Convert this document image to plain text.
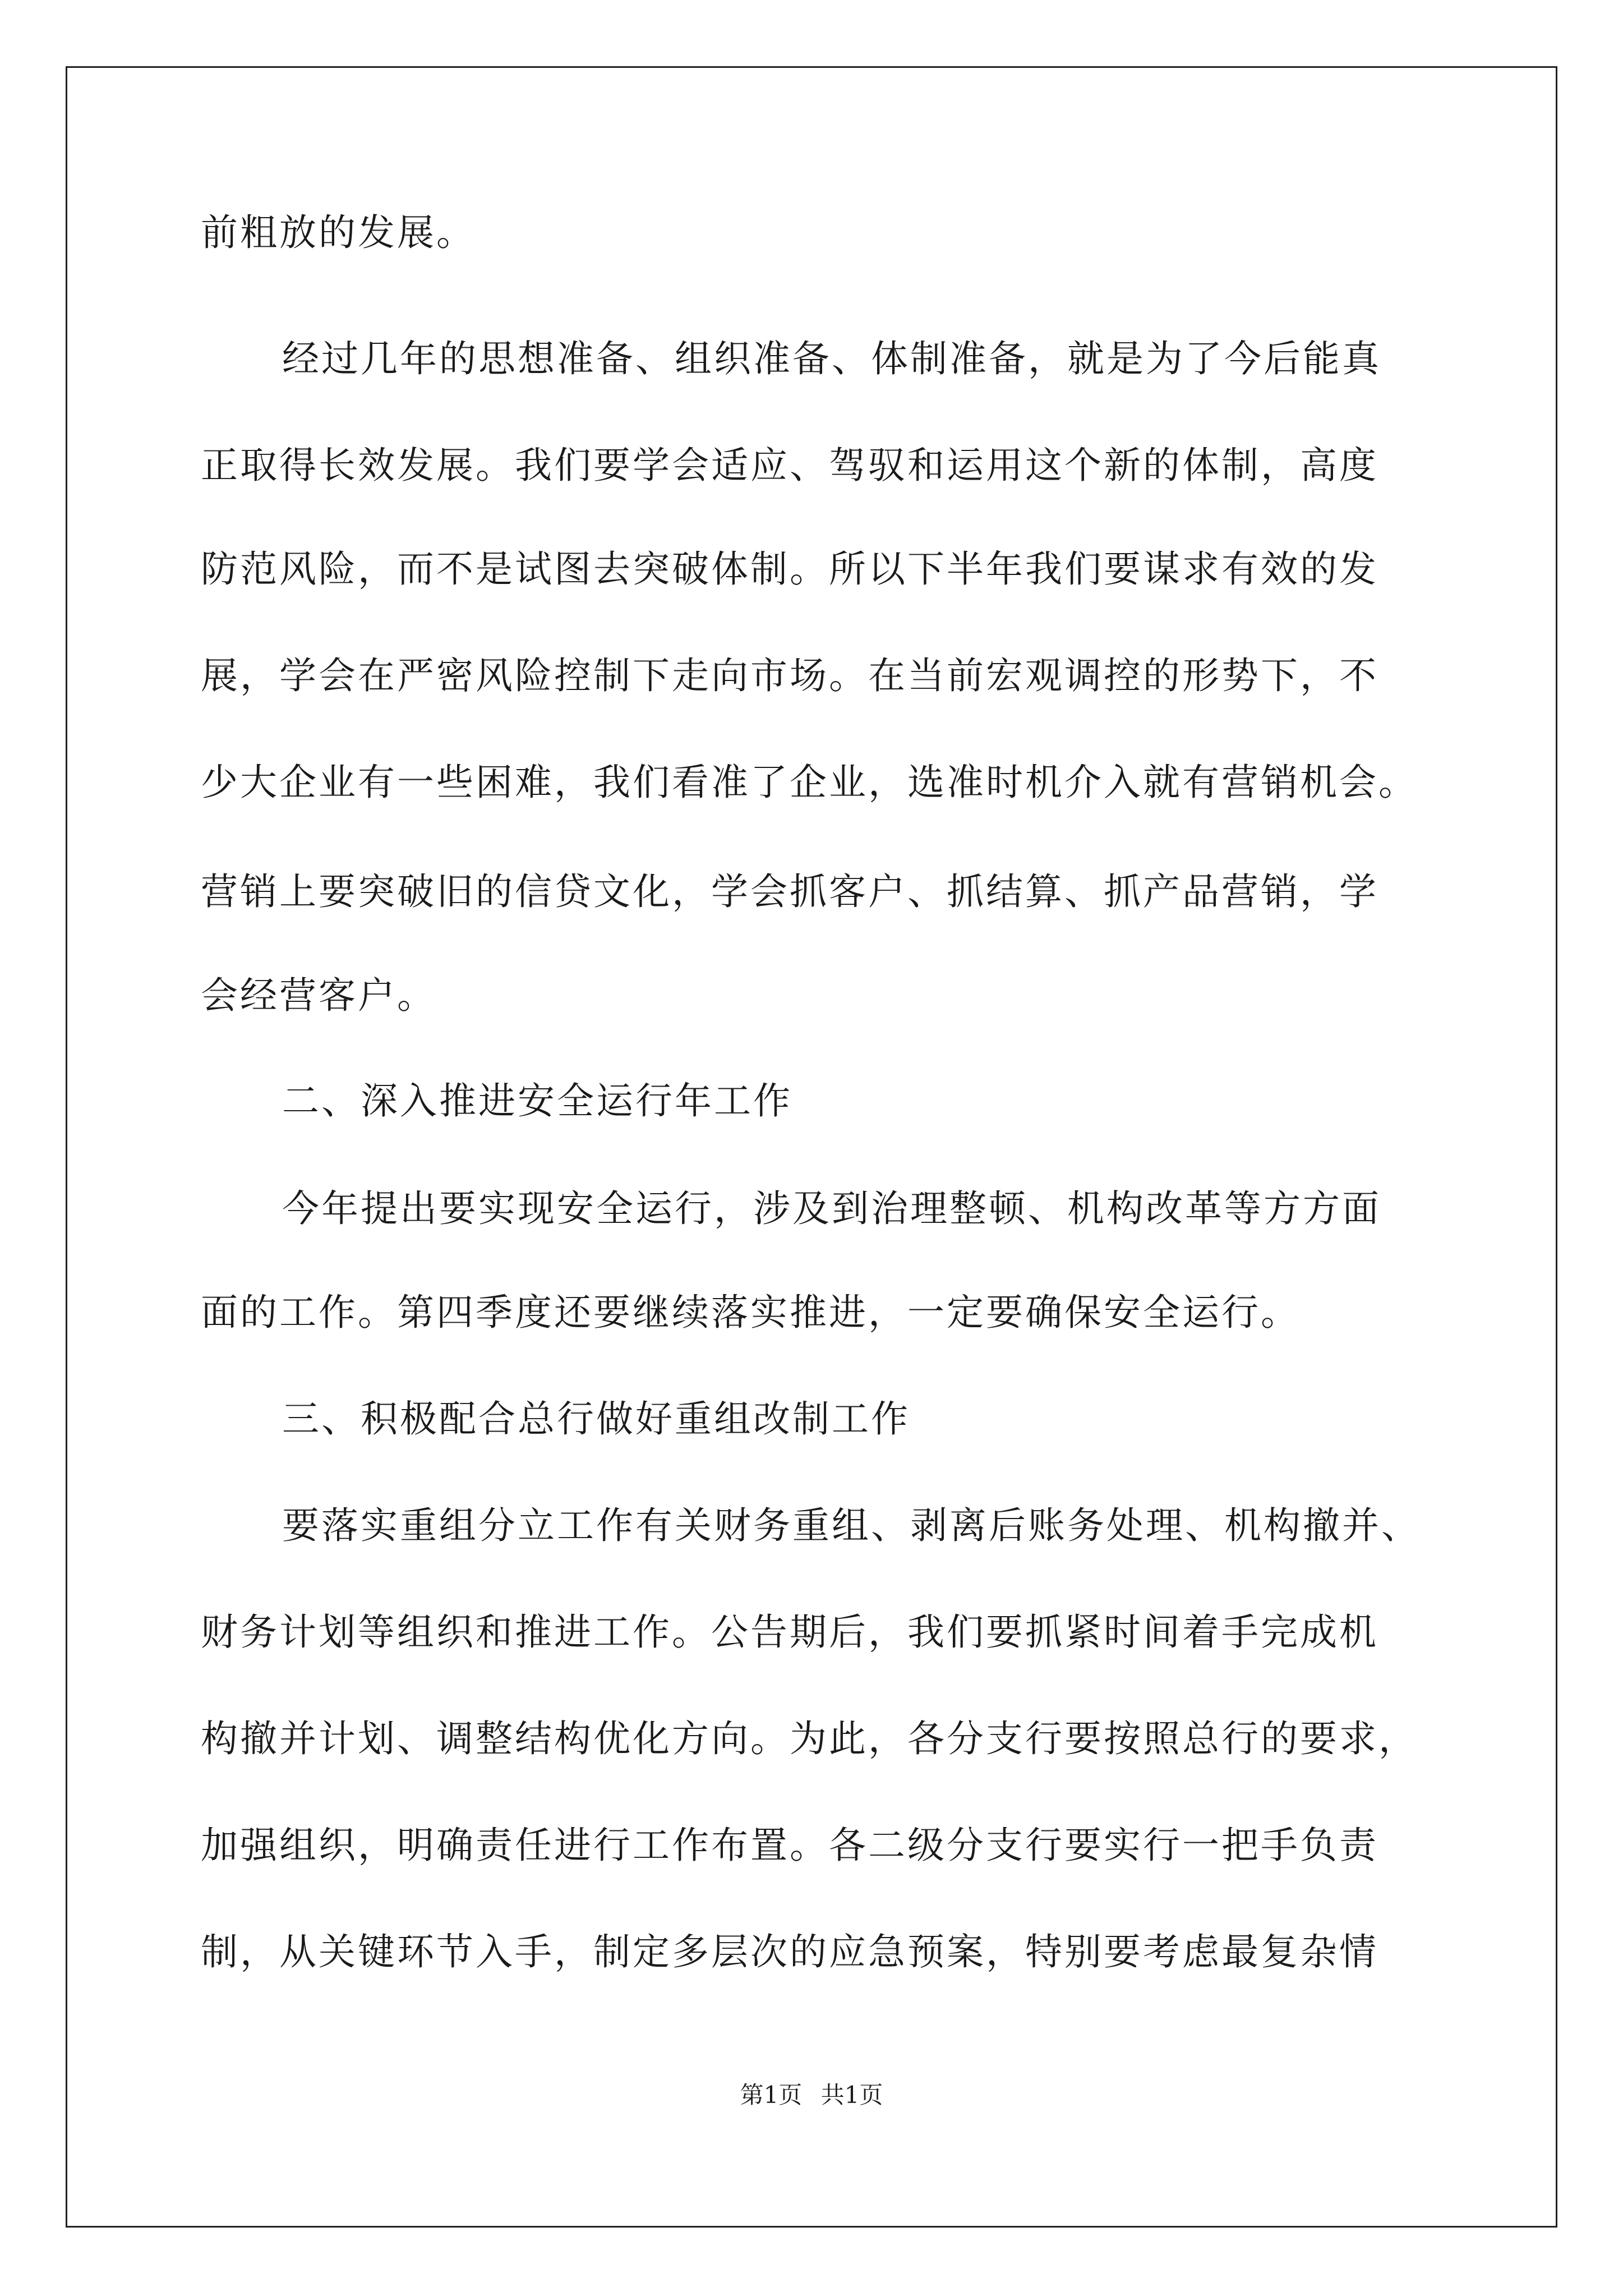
前粗放的发展。
经过几年的思想准备、组织准备、体制准备，就是为了今后能真
正取得长效发展。我们要学会适应、驾驭和运用这个新的体制，高度
防范风险，而不是试图去突破体制。所以下半年我们要谋求有效的发
展，学会在严密风险控制下走向市场。在当前宏观调控的形势下，不
少大企业有一些困难，我们看准了企业，选准时机介入就有营销机会。
营销上要突破旧的信贷文化，学会抓客户、抓结算、抓产品营销，学
会经营客户。
二、深入推进安全运行年工作
今年提出要实现安全运行，涉及到治理整顿、机构改革等方方面
面的工作。第四季度还要继续落实推进，一定要确保安全运行。
三、积极配合总行做好重组改制工作
要落实重组分立工作有关财务重组、剥离后账务处理、机构撤并、
财务计划等组织和推进工作。公告期后，我们要抓紧时间着手完成机
构撤并计划、调整结构优化方向。为此，各分支行要按照总行的要求，
加强组织，明确责任进行工作布置。各二级分支行要实行一把手负责
制，从关键环节入手，制定多层次的应急预案，特别要考虑最复杂情
第1页 共1页
